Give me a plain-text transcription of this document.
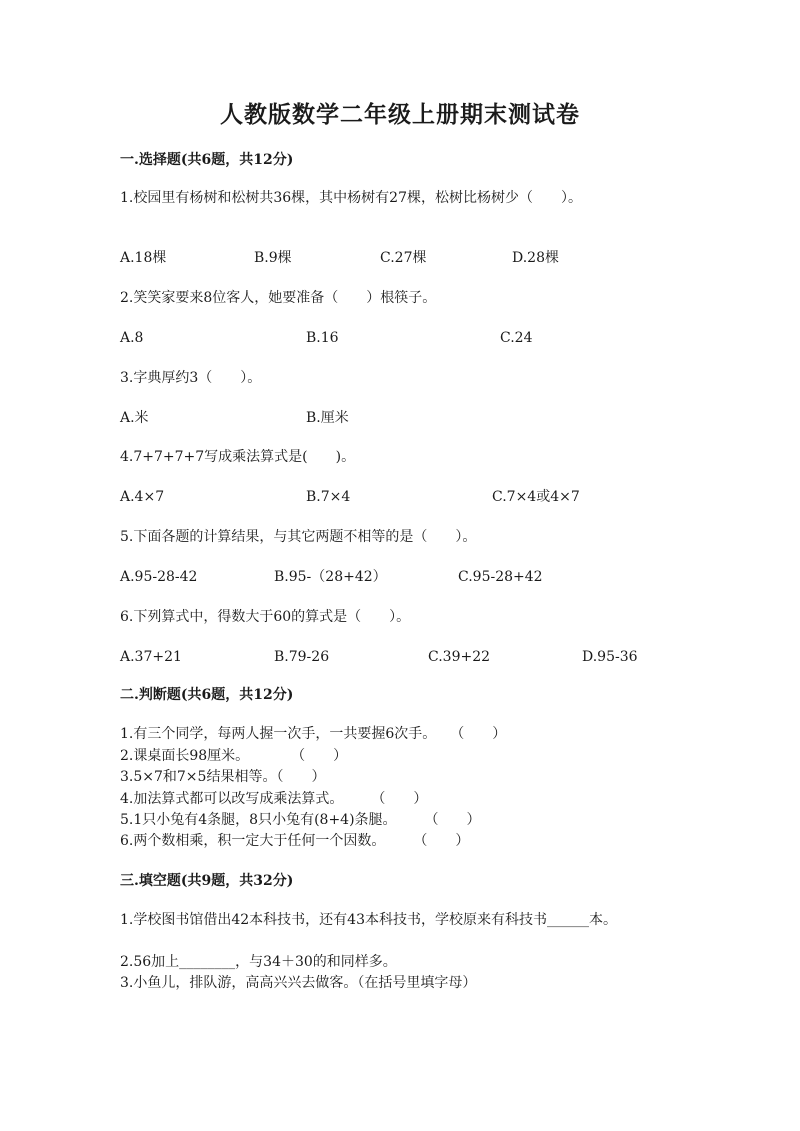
人教版数学二年级上册期末测试卷
一.选择题(共6题，共12分)
1.校园里有杨树和松树共36棵，其中杨树有27棵，松树比杨树少（　　）。
A.18棵	B.9棵	C.27棵	D.28棵
2.笑笑家要来8位客人，她要准备（　　）根筷子。
A.8	B.16	C.24
3.字典厚约3（　　）。
A.米	B.厘米
4.7+7+7+7写成乘法算式是(　　)。
A.4×7	B.7×4	C.7×4或4×7
5.下面各题的计算结果，与其它两题不相等的是（　　）。
A.95-28-42	B.95-（28+42）	C.95-28+42
6.下列算式中，得数大于60的算式是（　　）。
A.37+21	B.79-26	C.39+22	D.95-36
二.判断题(共6题，共12分)
1.有三个同学，每两人握一次手，一共要握6次手。　　（　　）
2.课桌面长98厘米。　　　　（　　）
3.5×7和7×5结果相等。（　　）
4.加法算式都可以改写成乘法算式。　　　（　　）
5.1只小兔有4条腿，8只小兔有(8+4)条腿。　　　（　　）
6.两个数相乘，积一定大于任何一个因数。　　　（　　）
三.填空题(共9题，共32分)
1.学校图书馆借出42本科技书，还有43本科技书，学校原来有科技书______本。
2.56加上________，与34＋30的和同样多。
3.小鱼儿，排队游，高高兴兴去做客。（在括号里填字母）
